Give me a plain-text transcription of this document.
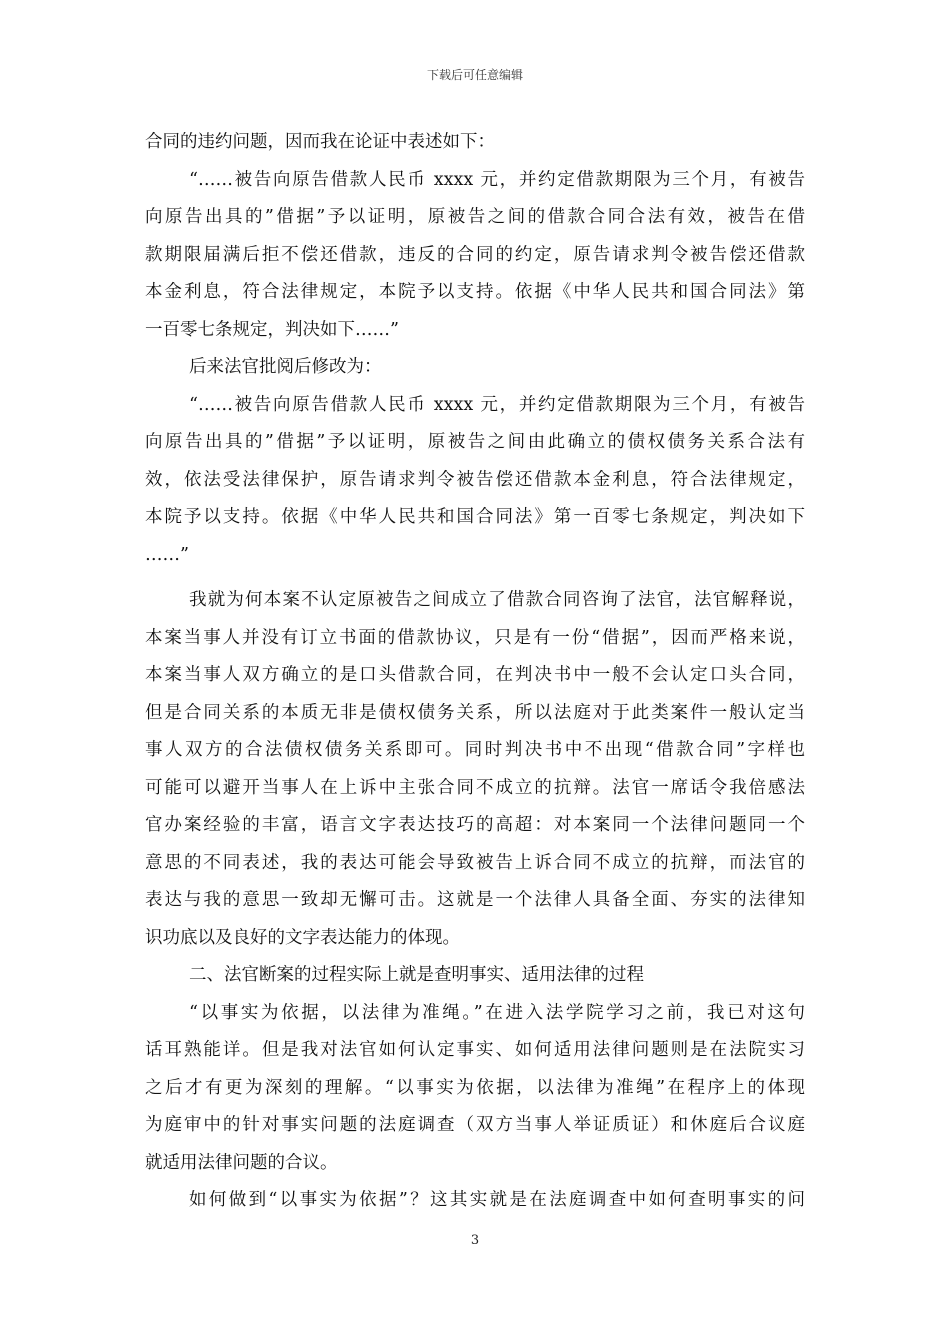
下载后可任意编辑
合同的违约问题，因而我在论证中表述如下：
“……被告向原告借款人民币 xxxx 元，并约定借款期限为三个月，有被告
向原告出具的”借据”予以证明，原被告之间的借款合同合法有效，被告在借
款期限届满后拒不偿还借款，违反的合同的约定，原告请求判令被告偿还借款
本金利息，符合法律规定，本院予以支持。依据《中华人民共和国合同法》第
一百零七条规定，判决如下……”
后来法官批阅后修改为：
“……被告向原告借款人民币 xxxx 元，并约定借款期限为三个月，有被告
向原告出具的”借据”予以证明，原被告之间由此确立的债权债务关系合法有
效，依法受法律保护，原告请求判令被告偿还借款本金利息，符合法律规定，
本院予以支持。依据《中华人民共和国合同法》第一百零七条规定，判决如下
……”
我就为何本案不认定原被告之间成立了借款合同咨询了法官，法官解释说，
本案当事人并没有订立书面的借款协议，只是有一份“借据”，因而严格来说，
本案当事人双方确立的是口头借款合同，在判决书中一般不会认定口头合同，
但是合同关系的本质无非是债权债务关系，所以法庭对于此类案件一般认定当
事人双方的合法债权债务关系即可。同时判决书中不出现“借款合同”字样也
可能可以避开当事人在上诉中主张合同不成立的抗辩。法官一席话令我倍感法
官办案经验的丰富，语言文字表达技巧的高超：对本案同一个法律问题同一个
意思的不同表述，我的表达可能会导致被告上诉合同不成立的抗辩，而法官的
表达与我的意思一致却无懈可击。这就是一个法律人具备全面、夯实的法律知
识功底以及良好的文字表达能力的体现。
二、法官断案的过程实际上就是查明事实、适用法律的过程
“以事实为依据，以法律为准绳。”在进入法学院学习之前，我已对这句
话耳熟能详。但是我对法官如何认定事实、如何适用法律问题则是在法院实习
之后才有更为深刻的理解。“以事实为依据，以法律为准绳”在程序上的体现
为庭审中的针对事实问题的法庭调查（双方当事人举证质证）和休庭后合议庭
就适用法律问题的合议。
如何做到“以事实为依据”？这其实就是在法庭调查中如何查明事实的问
3
